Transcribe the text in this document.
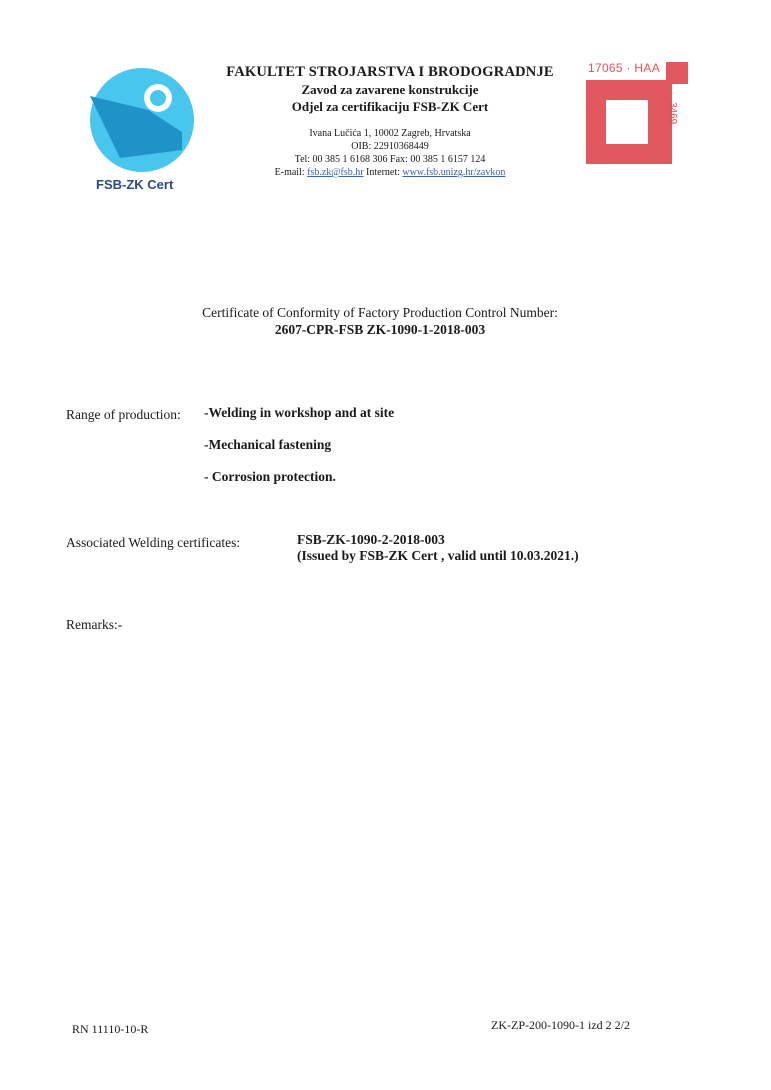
FSB-ZK Cert
FAKULTET STROJARSTVA I BRODOGRADNJE
Zavod za zavarene konstrukcije
Odjel za certifikaciju FSB-ZK Cert
Ivana Lučića 1, 10002 Zagreb, Hrvatska
OIB: 22910368449
Tel: 00 385 1 6168 306 Fax: 00 385 1 6157 124
E-mail: fsb.zk@fsb.hr Internet: www.fsb.unizg.hr/zavkon
17065 · HAA
3469
Certificate of Conformity of Factory Production Control Number:
2607-CPR-FSB ZK-1090-1-2018-003
Range of production: -Welding in workshop and at site
-Mechanical fastening
- Corrosion protection.
Associated Welding certificates:	FSB-ZK-1090-2-2018-003
(Issued by FSB-ZK Cert , valid until 10.03.2021.)
Remarks:-
RN 11110-10-R	ZK-ZP-200-1090-1 izd 2 2/2
